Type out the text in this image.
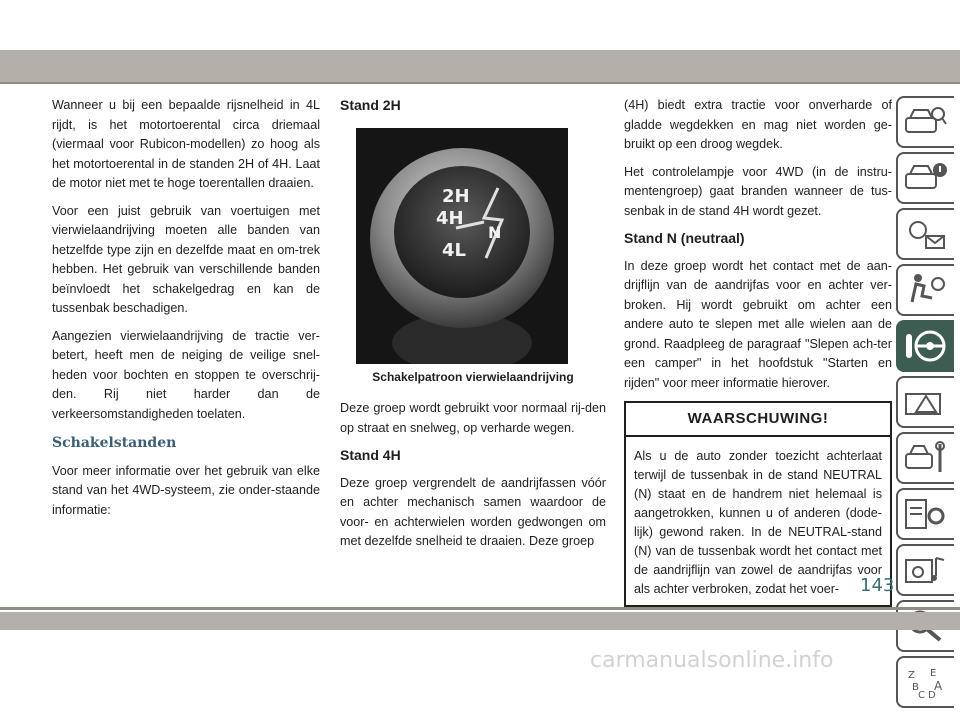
Wanneer u bij een bepaalde rijsnelheid in 4L rijdt, is het motortoerental circa driemaal (viermaal voor Rubicon-modellen) zo hoog als het motortoerental in de standen 2H of 4H. Laat de motor niet met te hoge toerentallen draaien.

Voor een juist gebruik van voertuigen met vierwielaandrijving moeten alle banden van hetzelfde type zijn en dezelfde maat en om-trek hebben. Het gebruik van verschillende banden beïnvloedt het schakelgedrag en kan de tussenbak beschadigen.

Aangezien vierwielaandrijving de tractie ver-betert, heeft men de neiging de veilige snel-heden voor bochten en stoppen te overschrij-den. Rij niet harder dan de verkeersomstandigheden toelaten.

Schakelstanden

Voor meer informatie over het gebruik van elke stand van het 4WD-systeem, zie onder-staande informatie:

Stand 2H
2H
4H
N
4L
Schakelpatroon vierwielaandrijving

Deze groep wordt gebruikt voor normaal rij-den op straat en snelweg, op verharde wegen.

Stand 4H

Deze groep vergrendelt de aandrijfassen vóór en achter mechanisch samen waardoor de voor- en achterwielen worden gedwongen om met dezelfde snelheid te draaien. Deze groep

(4H) biedt extra tractie voor onverharde of gladde wegdekken en mag niet worden ge-bruikt op een droog wegdek.

Het controlelampje voor 4WD (in de instru-mentengroep) gaat branden wanneer de tus-senbak in de stand 4H wordt gezet.

Stand N (neutraal)

In deze groep wordt het contact met de aan-drijflijn van de aandrijfas voor en achter ver-broken. Hij wordt gebruikt om achter een andere auto te slepen met alle wielen aan de grond. Raadpleeg de paragraaf "Slepen ach-ter een camper" in het hoofdstuk "Starten en rijden" voor meer informatie hierover.

WAARSCHUWING!
Als u de auto zonder toezicht achterlaat terwijl de tussenbak in de stand NEUTRAL (N) staat en de handrem niet helemaal is aangetrokken, kunnen u of anderen (dode-lijk) gewond raken. In de NEUTRAL-stand (N) van de tussenbak wordt het contact met de aandrijflijn van zowel de aandrijfas voor als achter verbroken, zodat het voer-
Z E
B A
C D
143
carmanualsonline.info
